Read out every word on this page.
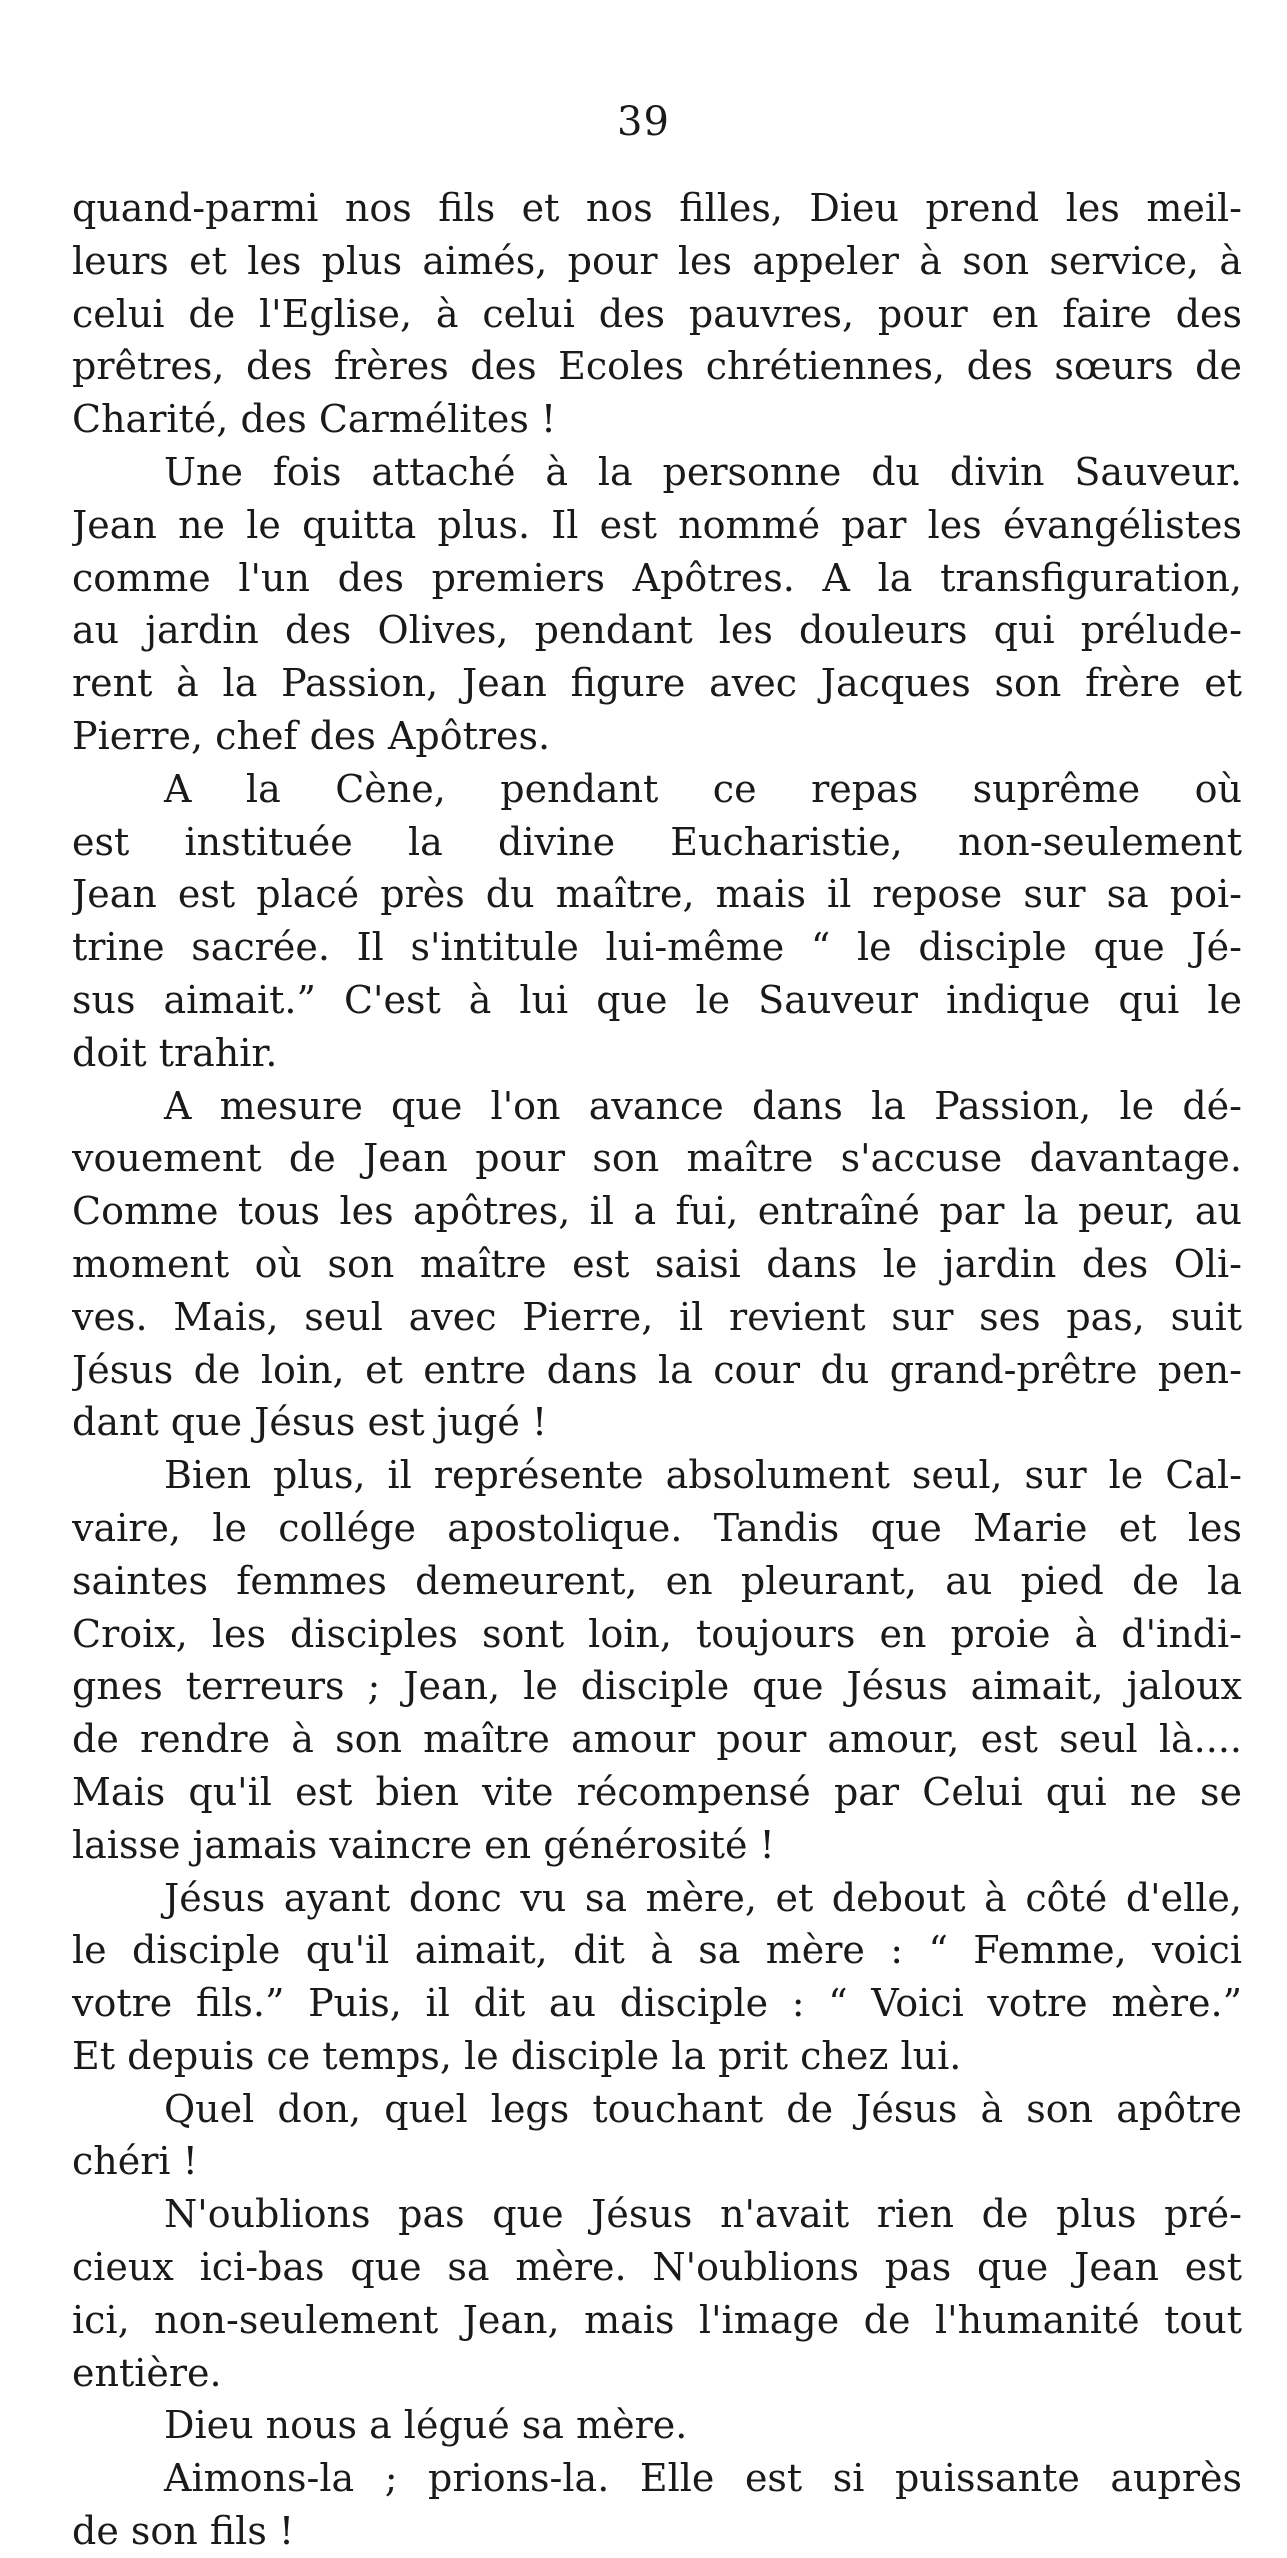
39
quand-parmi nos fils et nos filles, Dieu prend les meil-
leurs et les plus aimés, pour les appeler à son service, à
celui de l'Eglise, à celui des pauvres, pour en faire des
prêtres, des frères des Ecoles chrétiennes, des sœurs de
Charité, des Carmélites !
Une fois attaché à la personne du divin Sauveur.
Jean ne le quitta plus. Il est nommé par les évangélistes
comme l'un des premiers Apôtres. A la transfiguration,
au jardin des Olives, pendant les douleurs qui prélude-
rent à la Passion, Jean figure avec Jacques son frère et
Pierre, chef des Apôtres.
A la Cène, pendant ce repas suprême où
est instituée la divine Eucharistie, non-seulement
Jean est placé près du maître, mais il repose sur sa poi-
trine sacrée. Il s'intitule lui-même “ le disciple que Jé-
sus aimait.” C'est à lui que le Sauveur indique qui le
doit trahir.
A mesure que l'on avance dans la Passion, le dé-
vouement de Jean pour son maître s'accuse davantage.
Comme tous les apôtres, il a fui, entraîné par la peur, au
moment où son maître est saisi dans le jardin des Oli-
ves. Mais, seul avec Pierre, il revient sur ses pas, suit
Jésus de loin, et entre dans la cour du grand-prêtre pen-
dant que Jésus est jugé !
Bien plus, il représente absolument seul, sur le Cal-
vaire, le collége apostolique. Tandis que Marie et les
saintes femmes demeurent, en pleurant, au pied de la
Croix, les disciples sont loin, toujours en proie à d'indi-
gnes terreurs ; Jean, le disciple que Jésus aimait, jaloux
de rendre à son maître amour pour amour, est seul là....
Mais qu'il est bien vite récompensé par Celui qui ne se
laisse jamais vaincre en générosité !
Jésus ayant donc vu sa mère, et debout à côté d'elle,
le disciple qu'il aimait, dit à sa mère : “ Femme, voici
votre fils.” Puis, il dit au disciple : “ Voici votre mère.”
Et depuis ce temps, le disciple la prit chez lui.
Quel don, quel legs touchant de Jésus à son apôtre
chéri !
N'oublions pas que Jésus n'avait rien de plus pré-
cieux ici-bas que sa mère. N'oublions pas que Jean est
ici, non-seulement Jean, mais l'image de l'humanité tout
entière.
Dieu nous a légué sa mère.
Aimons-la ; prions-la. Elle est si puissante auprès
de son fils !
